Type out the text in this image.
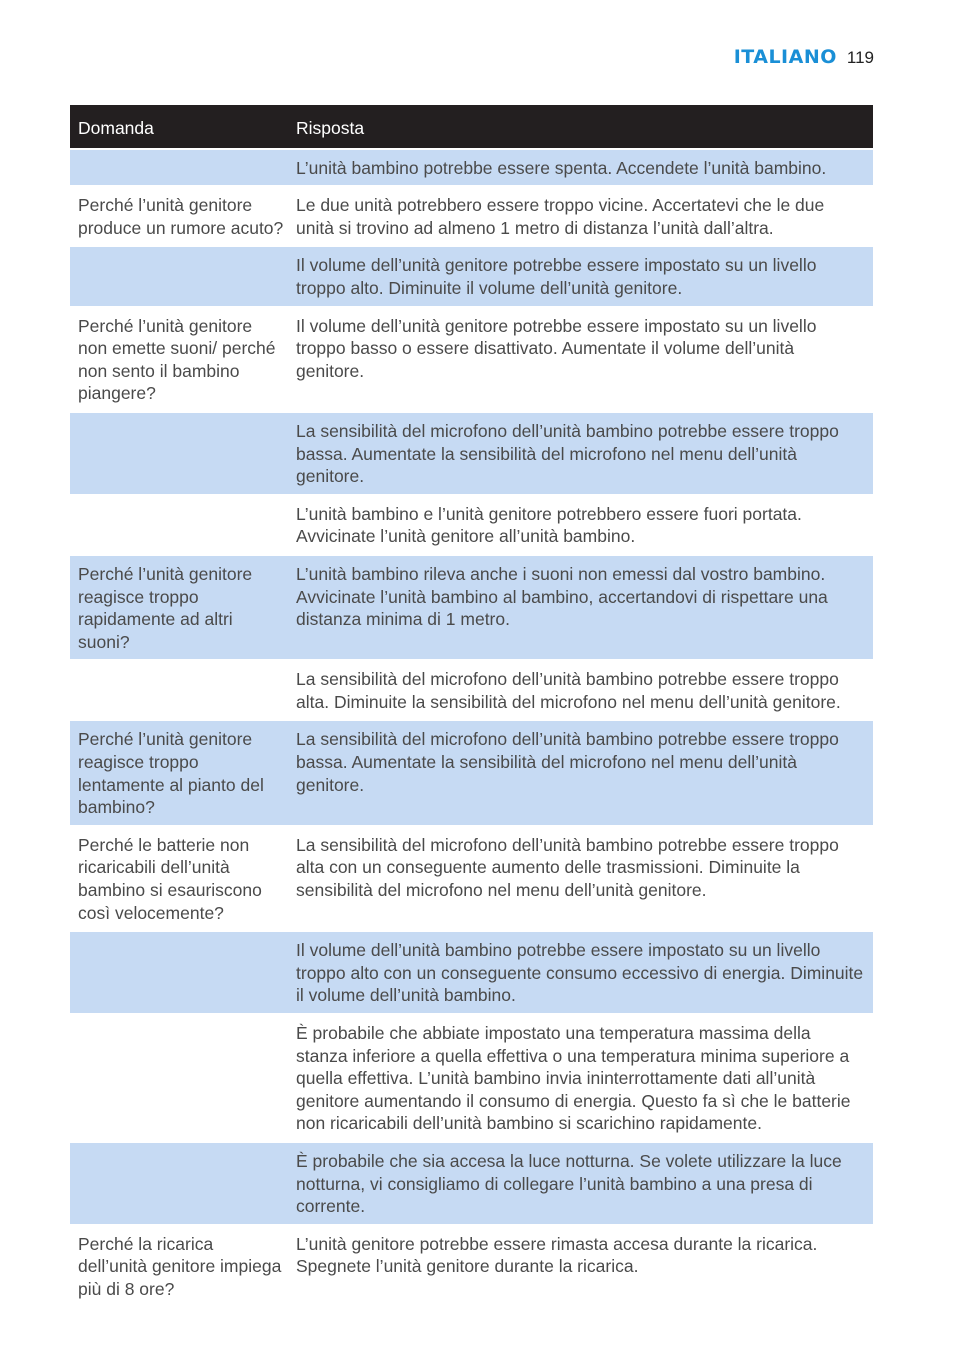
ITALIANO 119
Domanda	Risposta
	L’unità bambino potrebbe essere spenta. Accendete l’unità bambino.
Perché l’unità genitore produce un rumore acuto?	Le due unità potrebbero essere troppo vicine. Accertatevi che le due unità si trovino ad almeno 1 metro di distanza l’unità dall’altra.
	Il volume dell’unità genitore potrebbe essere impostato su un livello troppo alto. Diminuite il volume dell’unità genitore.
Perché l’unità genitore non emette suoni/ perché non sento il bambino piangere?	Il volume dell’unità genitore potrebbe essere impostato su un livello troppo basso o essere disattivato. Aumentate il volume dell’unità genitore.
	La sensibilità del microfono dell’unità bambino potrebbe essere troppo bassa. Aumentate la sensibilità del microfono nel menu dell’unità genitore.
	L’unità bambino e l’unità genitore potrebbero essere fuori portata. Avvicinate l’unità genitore all’unità bambino.
Perché l’unità genitore reagisce troppo rapidamente ad altri suoni?	L’unità bambino rileva anche i suoni non emessi dal vostro bambino. Avvicinate l’unità bambino al bambino, accertandovi di rispettare una distanza minima di 1 metro.
	La sensibilità del microfono dell’unità bambino potrebbe essere troppo alta. Diminuite la sensibilità del microfono nel menu dell’unità genitore.
Perché l’unità genitore reagisce troppo lentamente al pianto del bambino?	La sensibilità del microfono dell’unità bambino potrebbe essere troppo bassa. Aumentate la sensibilità del microfono nel menu dell’unità genitore.
Perché le batterie non ricaricabili dell’unità bambino si esauriscono così velocemente?	La sensibilità del microfono dell’unità bambino potrebbe essere troppo alta con un conseguente aumento delle trasmissioni. Diminuite la sensibilità del microfono nel menu dell’unità genitore.
	Il volume dell’unità bambino potrebbe essere impostato su un livello troppo alto con un conseguente consumo eccessivo di energia. Diminuite il volume dell’unità bambino.
	È probabile che abbiate impostato una temperatura massima della stanza inferiore a quella effettiva o una temperatura minima superiore a quella effettiva. L’unità bambino invia ininterrottamente dati all’unità genitore aumentando il consumo di energia. Questo fa sì che le batterie non ricaricabili dell’unità bambino si scarichino rapidamente.
	È probabile che sia accesa la luce notturna. Se volete utilizzare la luce notturna, vi consigliamo di collegare l’unità bambino a una presa di corrente.
Perché la ricarica dell’unità genitore impiega più di 8 ore?	L’unità genitore potrebbe essere rimasta accesa durante la ricarica. Spegnete l’unità genitore durante la ricarica.
